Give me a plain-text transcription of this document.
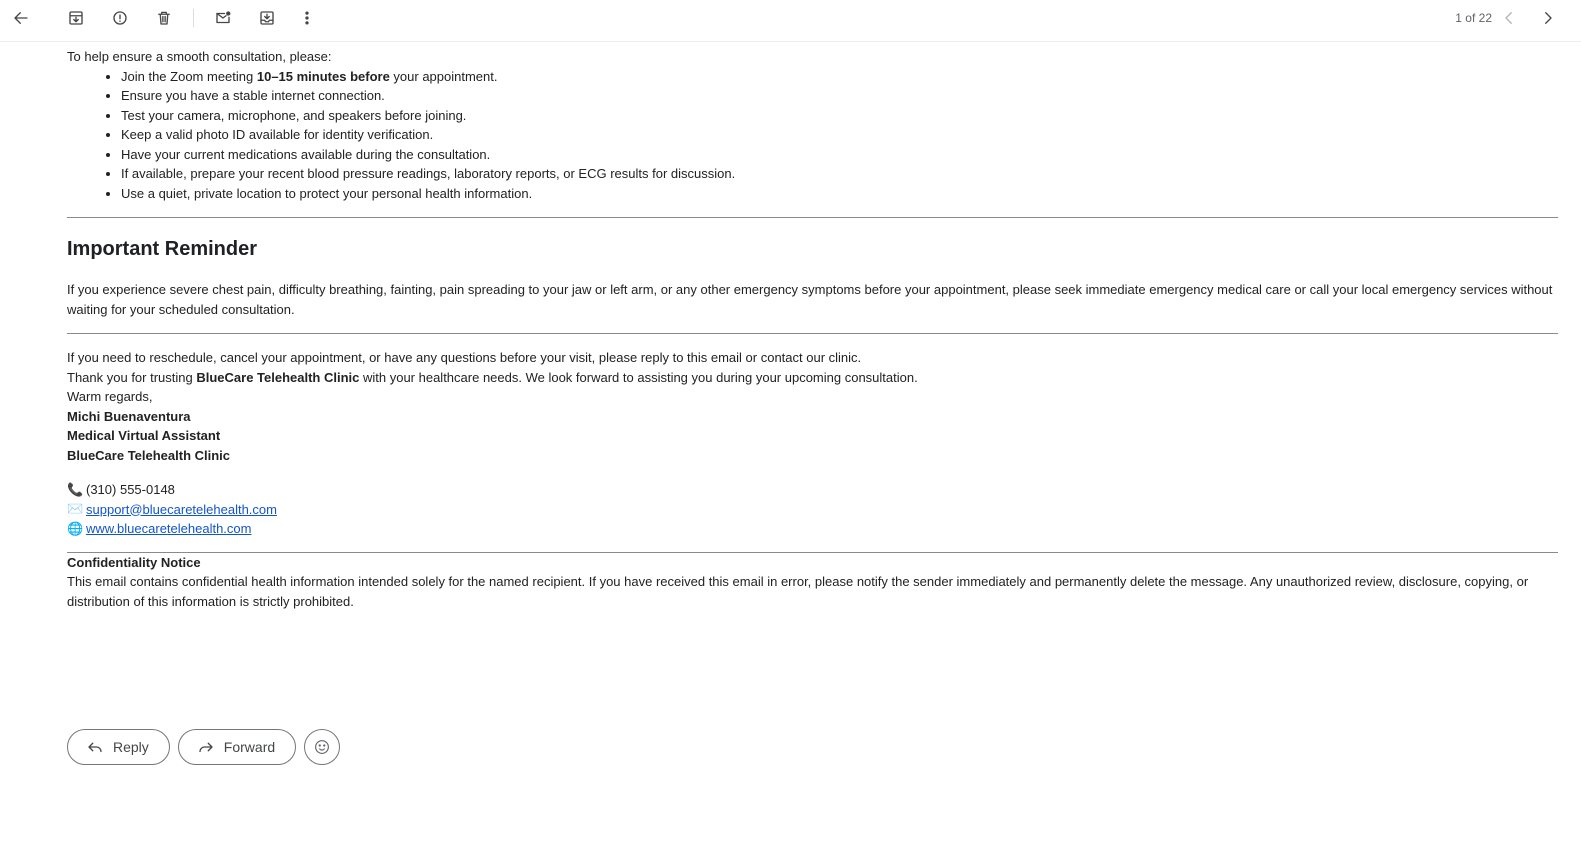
1 of 22

To help ensure a smooth consultation, please:

• Join the Zoom meeting 10–15 minutes before your appointment.
• Ensure you have a stable internet connection.
• Test your camera, microphone, and speakers before joining.
• Keep a valid photo ID available for identity verification.
• Have your current medications available during the consultation.
• If available, prepare your recent blood pressure readings, laboratory reports, or ECG results for discussion.
• Use a quiet, private location to protect your personal health information.
Important Reminder

If you experience severe chest pain, difficulty breathing, fainting, pain spreading to your jaw or left arm, or any other emergency symptoms before your appointment, please seek immediate emergency medical care or call your local emergency services without waiting for your scheduled consultation.

If you need to reschedule, cancel your appointment, or have any questions before your visit, please reply to this email or contact our clinic.

Thank you for trusting BlueCare Telehealth Clinic with your healthcare needs. We look forward to assisting you during your upcoming consultation.

Warm regards,

Michi Buenaventura
Medical Virtual Assistant
BlueCare Telehealth Clinic
📞 (310) 555-0148
✉️ support@bluecaretelehealth.com
🌐 www.bluecaretelehealth.com

Confidentiality Notice

This email contains confidential health information intended solely for the named recipient. If you have received this email in error, please notify the sender immediately and permanently delete the message. Any unauthorized review, disclosure, copying, or distribution of this information is strictly prohibited.

Reply	Forward
